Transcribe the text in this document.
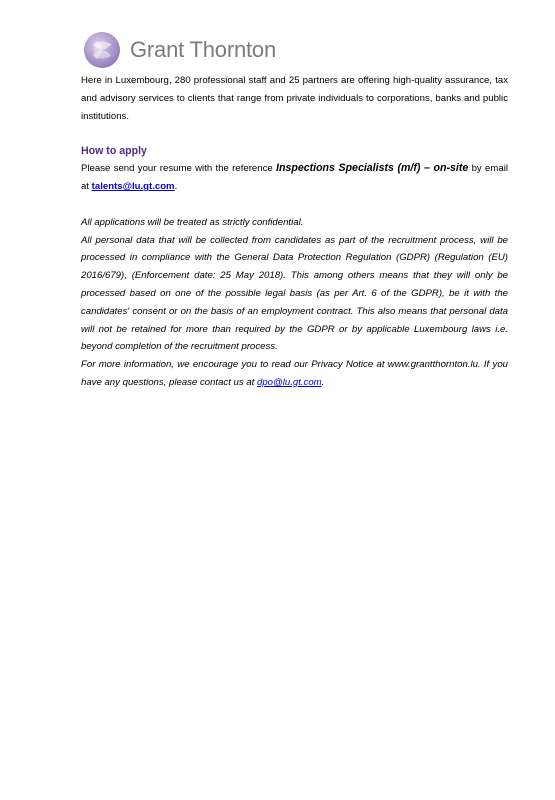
Grant Thornton

Here in Luxembourg, 280 professional staff and 25 partners are offering high-quality assurance, tax and advisory services to clients that range from private individuals to corporations, banks and public institutions.

How to apply

Please send your resume with the reference Inspections Specialists (m/f) – on-site by email at talents@lu.gt.com.

All applications will be treated as strictly confidential.

All personal data that will be collected from candidates as part of the recruitment process, will be processed in compliance with the General Data Protection Regulation (GDPR) (Regulation (EU) 2016/679), (Enforcement date: 25 May 2018). This among others means that they will only be processed based on one of the possible legal basis (as per Art. 6 of the GDPR), be it with the candidates' consent or on the basis of an employment contract. This also means that personal data will not be retained for more than required by the GDPR or by applicable Luxembourg laws i.e. beyond completion of the recruitment process.

For more information, we encourage you to read our Privacy Notice at www.grantthornton.lu. If you have any questions, please contact us at dpo@lu.gt.com.
